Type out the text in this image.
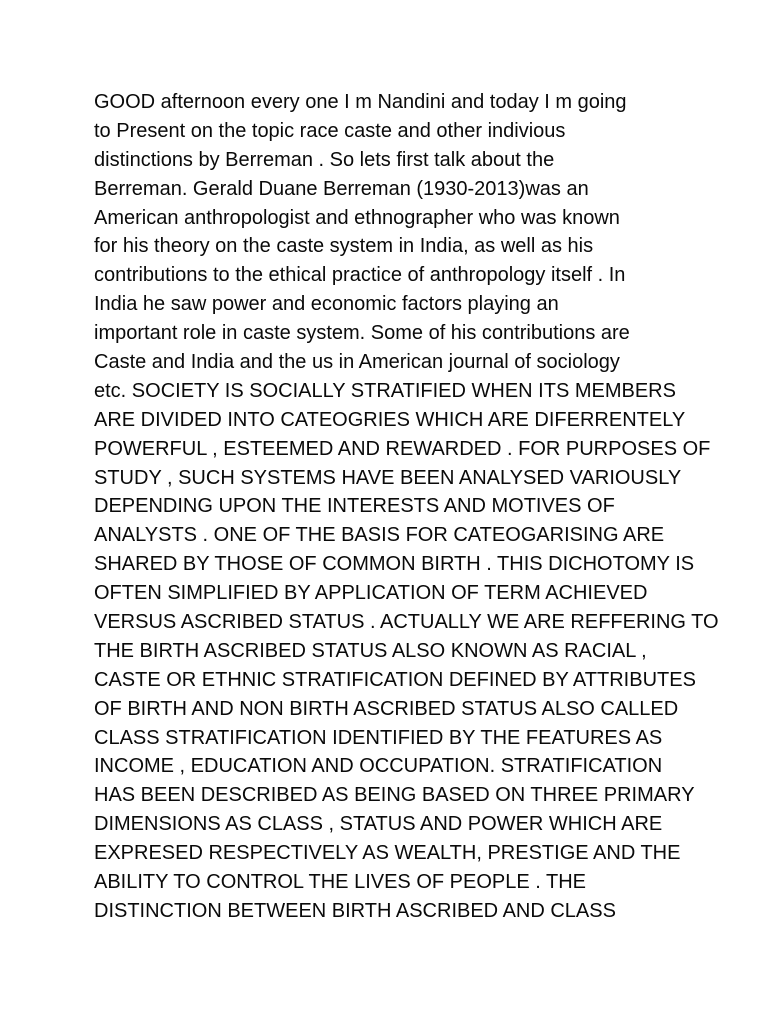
GOOD afternoon every one I m Nandini and today I m going
to Present on the topic race caste and other indivious
distinctions by Berreman . So lets first talk about the
Berreman. Gerald Duane Berreman (1930-2013)was an
American anthropologist and ethnographer who was known
for his theory on the caste system in India, as well as his
contributions to the ethical practice of anthropology itself . In
India he saw power and economic factors playing an
important role in caste system. Some of his contributions are
Caste and India and the us in American journal of sociology
etc. SOCIETY IS SOCIALLY STRATIFIED WHEN ITS MEMBERS
ARE DIVIDED INTO CATEOGRIES WHICH ARE DIFERRENTELY
POWERFUL , ESTEEMED AND REWARDED . FOR PURPOSES OF
STUDY , SUCH SYSTEMS HAVE BEEN ANALYSED VARIOUSLY
DEPENDING UPON THE INTERESTS AND MOTIVES OF
ANALYSTS . ONE OF THE BASIS FOR CATEOGARISING ARE
SHARED BY THOSE OF COMMON BIRTH . THIS DICHOTOMY IS
OFTEN SIMPLIFIED BY APPLICATION OF TERM ACHIEVED
VERSUS ASCRIBED STATUS . ACTUALLY WE ARE REFFERING TO
THE BIRTH ASCRIBED STATUS ALSO KNOWN AS RACIAL ,
CASTE OR ETHNIC STRATIFICATION DEFINED BY ATTRIBUTES
OF BIRTH AND NON BIRTH ASCRIBED STATUS ALSO CALLED
CLASS STRATIFICATION IDENTIFIED BY THE FEATURES AS
INCOME , EDUCATION AND OCCUPATION. STRATIFICATION
HAS BEEN DESCRIBED AS BEING BASED ON THREE PRIMARY
DIMENSIONS AS CLASS , STATUS AND POWER WHICH ARE
EXPRESED RESPECTIVELY AS WEALTH, PRESTIGE AND THE
ABILITY TO CONTROL THE LIVES OF PEOPLE . THE
DISTINCTION BETWEEN BIRTH ASCRIBED AND CLASS
